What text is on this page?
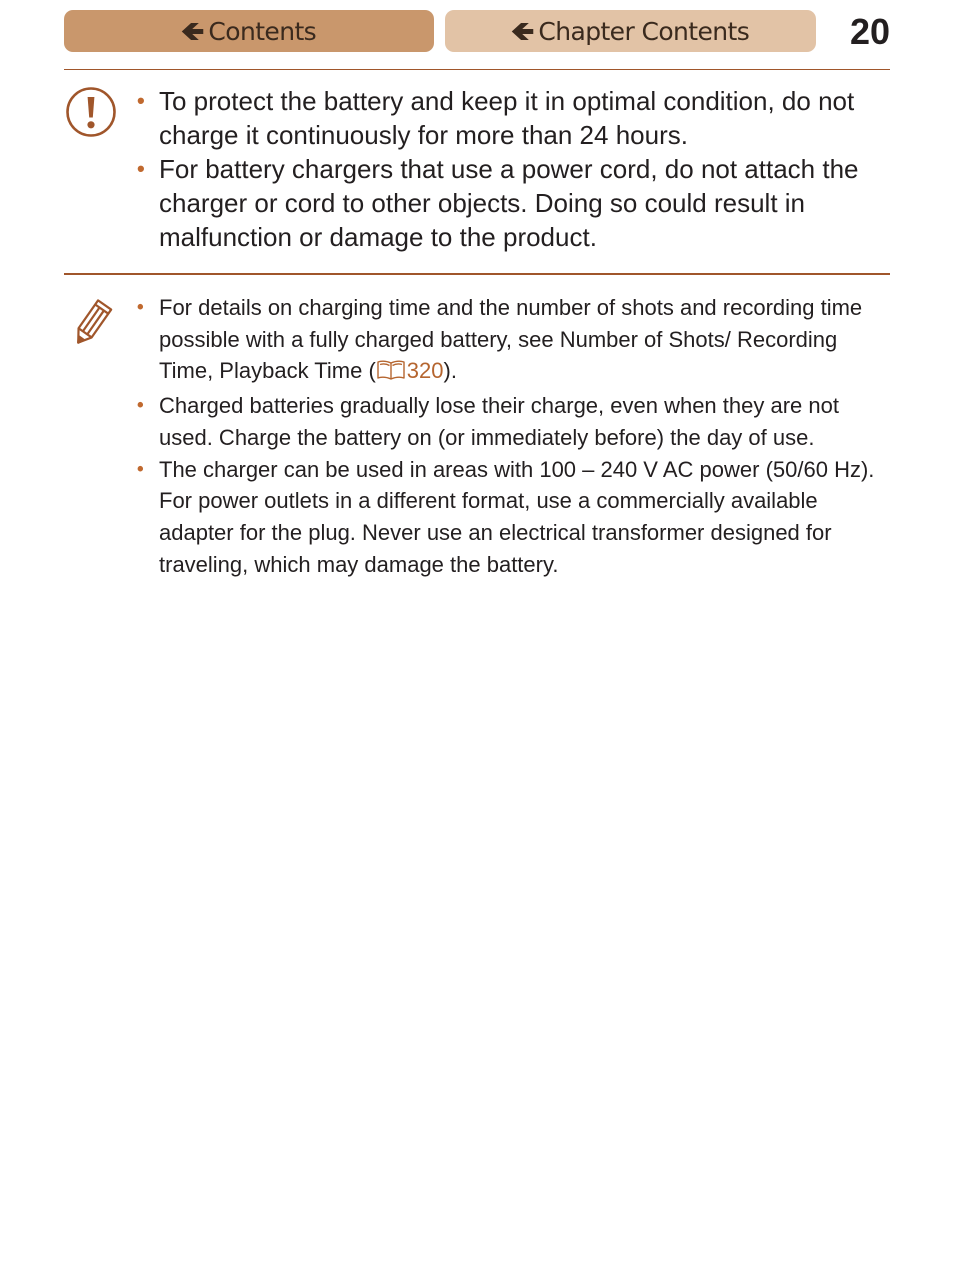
🡸 Contents	🡸 Chapter Contents	20
• To protect the battery and keep it in optimal condition, do not charge it continuously for more than 24 hours.
• For battery chargers that use a power cord, do not attach the charger or cord to other objects. Doing so could result in malfunction or damage to the product.
• For details on charging time and the number of shots and recording time possible with a fully charged battery, see Number of Shots/ Recording Time, Playback Time ( 320).
• Charged batteries gradually lose their charge, even when they are not used. Charge the battery on (or immediately before) the day of use.
• The charger can be used in areas with 100 – 240 V AC power (50/60 Hz). For power outlets in a different format, use a commercially available adapter for the plug. Never use an electrical transformer designed for traveling, which may damage the battery.
